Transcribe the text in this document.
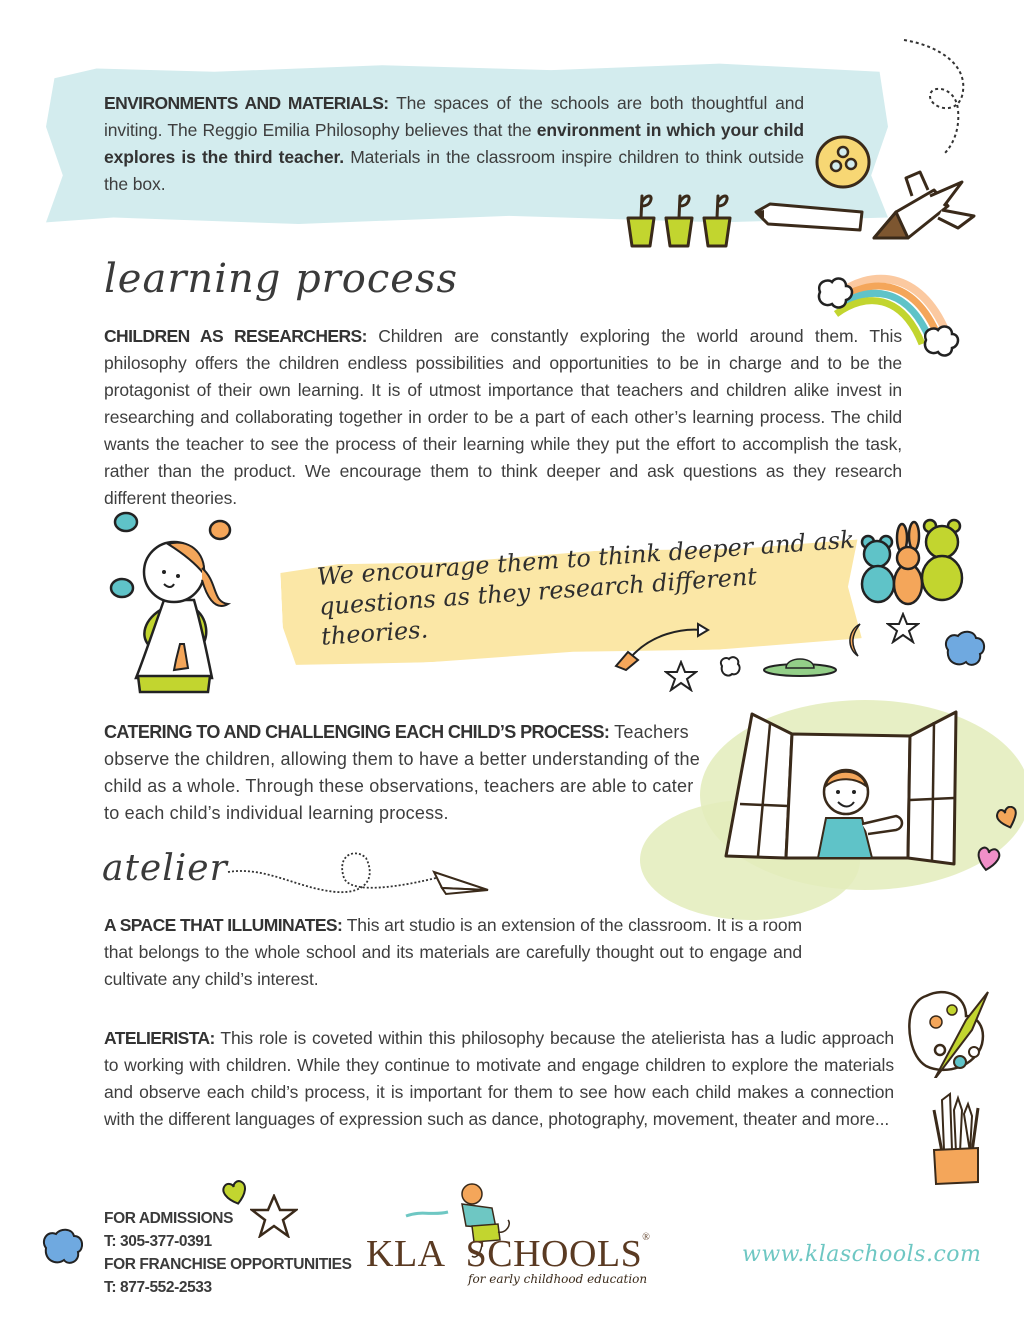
ENVIRONMENTS AND MATERIALS: The spaces of the schools are both thoughtful and inviting. The Reggio Emilia Philosophy believes that the environment in which your child explores is the third teacher. Materials in the classroom inspire children to think outside the box.

learning process

CHILDREN AS RESEARCHERS: Children are constantly exploring the world around them. This philosophy offers the children endless possibilities and opportunities to be in charge and to be the protagonist of their own learning. It is of utmost importance that teachers and children alike invest in researching and collaborating together in order to be a part of each other’s learning process. The child wants the teacher to see the process of their learning while they put the effort to accomplish the task, rather than the product. We encourage them to think deeper and ask questions as they research different theories.

We encourage them to think deeper and ask questions as they research different theories.

CATERING TO AND CHALLENGING EACH CHILD’S PROCESS: Teachers observe the children, allowing them to have a better understanding of the child as a whole. Through these observations, teachers are able to cater to each child’s individual learning process.

atelier

A SPACE THAT ILLUMINATES: This art studio is an extension of the classroom. It is a room that belongs to the whole school and its materials are carefully thought out to engage and cultivate any child’s interest.

ATELIERISTA: This role is coveted within this philosophy because the atelierista has a ludic approach to working with children. While they continue to motivate and engage children to explore the materials and observe each child’s process, it is important for them to see how each child makes a connection with the different languages of expression such as dance, photography, movement, theater and more...

FOR ADMISSIONS
T: 305-377-0391
FOR FRANCHISE OPPORTUNITIES
T: 877-552-2533
KLA SCHOOLS®
for early childhood education
www.klaschools.com
